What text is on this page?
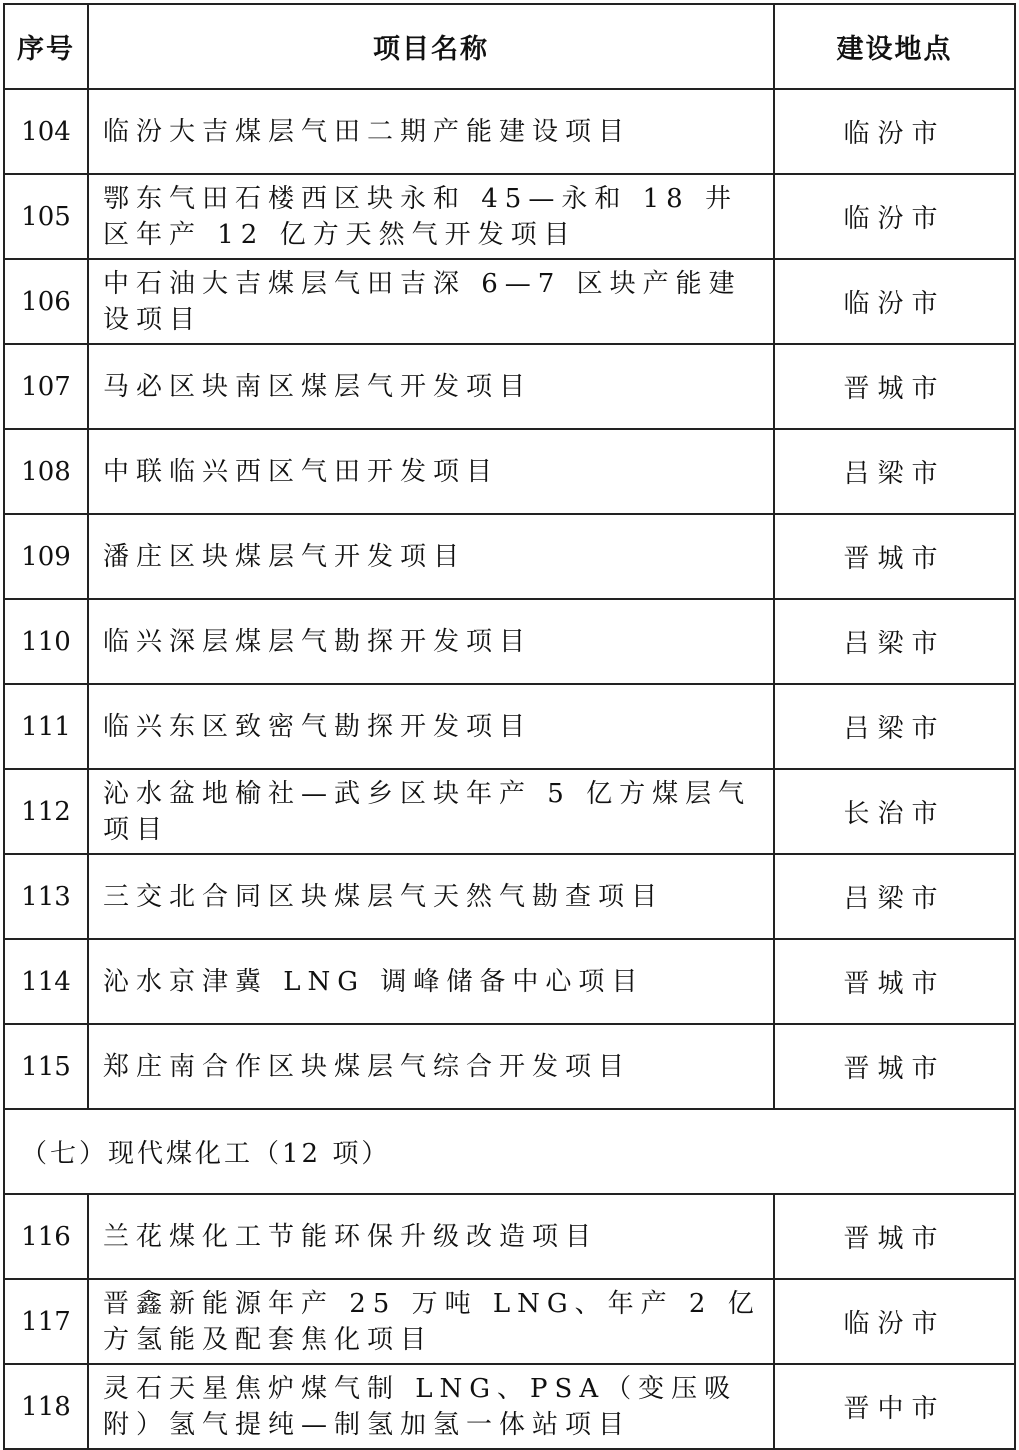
序号	项目名称	建设地点
104	临汾大吉煤层气田二期产能建设项目	临汾市
105	鄂东气田石楼西区块永和 45—永和 18 井区年产 12 亿方天然气开发项目	临汾市
106	中石油大吉煤层气田吉深 6—7 区块产能建设项目	临汾市
107	马必区块南区煤层气开发项目	晋城市
108	中联临兴西区气田开发项目	吕梁市
109	潘庄区块煤层气开发项目	晋城市
110	临兴深层煤层气勘探开发项目	吕梁市
111	临兴东区致密气勘探开发项目	吕梁市
112	沁水盆地榆社—武乡区块年产 5 亿方煤层气项目	长治市
113	三交北合同区块煤层气天然气勘查项目	吕梁市
114	沁水京津冀 LNG 调峰储备中心项目	晋城市
115	郑庄南合作区块煤层气综合开发项目	晋城市
（七）现代煤化工（12 项）		
116	兰花煤化工节能环保升级改造项目	晋城市
117	晋鑫新能源年产 25 万吨 LNG、年产 2 亿方氢能及配套焦化项目	临汾市
118	灵石天星焦炉煤气制 LNG、PSA（变压吸附）氢气提纯—制氢加氢一体站项目	晋中市
